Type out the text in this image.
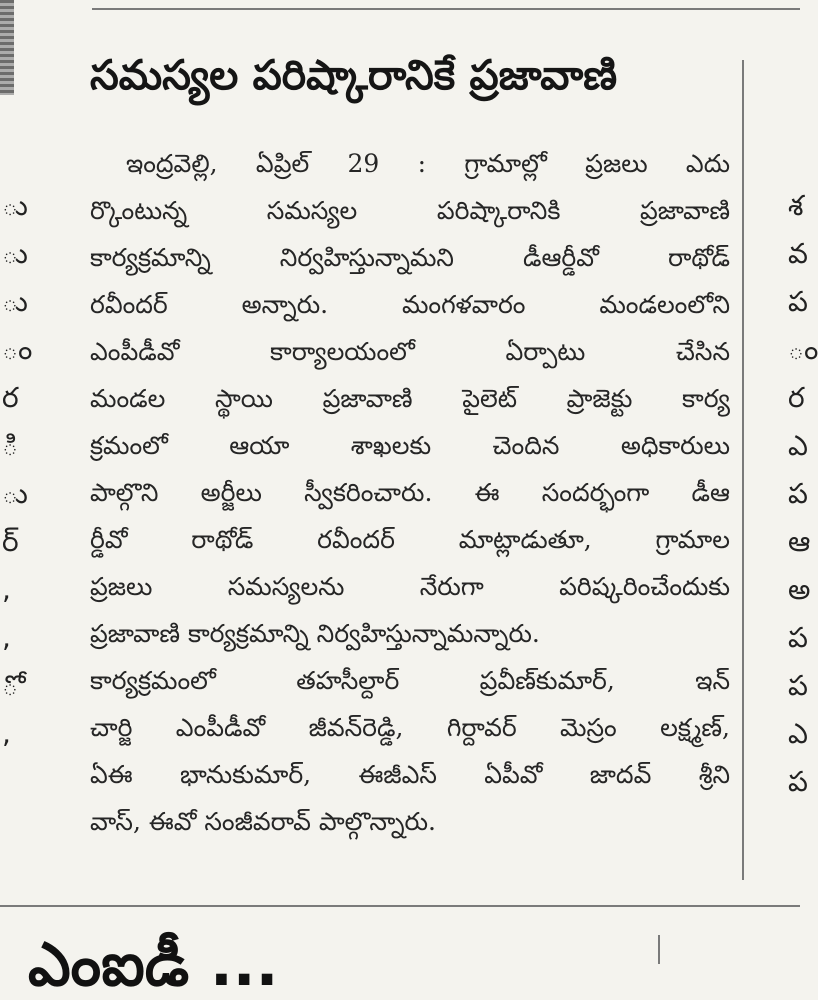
ు
ు
ు
ం
ర
ి
ు
ర్
,
,
ో
,
శ
వ
ప
ం
ర
ఎ
ప
ఆ
అ
ప
ప
ఎ
ప
సమస్యల పరిష్కారానికే ప్రజావాణి
ఇంద్రవెల్లి, ఏప్రిల్ 29 : గ్రామాల్లో ప్రజలు ఎదు
ర్కొంటున్న సమస్యల పరిష్కారానికి ప్రజావాణి
కార్యక్రమాన్ని నిర్వహిస్తున్నామని డీఆర్డీవో రాథోడ్
రవీందర్ అన్నారు. మంగళవారం మండలంలోని
ఎంపీడీవో కార్యాలయంలో ఏర్పాటు చేసిన
మండల స్థాయి ప్రజావాణి పైలెట్ ప్రాజెక్టు కార్య
క్రమంలో ఆయా శాఖలకు చెందిన అధికారులు
పాల్గొని అర్జీలు స్వీకరించారు. ఈ సందర్భంగా డీఆ
ర్డీవో రాథోడ్ రవీందర్ మాట్లాడుతూ, గ్రామాల
ప్రజలు సమస్యలను నేరుగా పరిష్కరించేందుకు
ప్రజావాణి కార్యక్రమాన్ని నిర్వహిస్తున్నామన్నారు.
కార్యక్రమంలో తహసీల్దార్ ప్రవీణ్‌కుమార్, ఇన్
చార్జి ఎంపీడీవో జీవన్‌రెడ్డి, గిర్దావర్ మెస్రం లక్ష్మణ్,
ఏఈ భానుకుమార్, ఈజీఎస్ ఏపీవో జాదవ్ శ్రీని
వాస్, ఈవో సంజీవరావ్ పాల్గొన్నారు.
ఎంఐడీ ...
